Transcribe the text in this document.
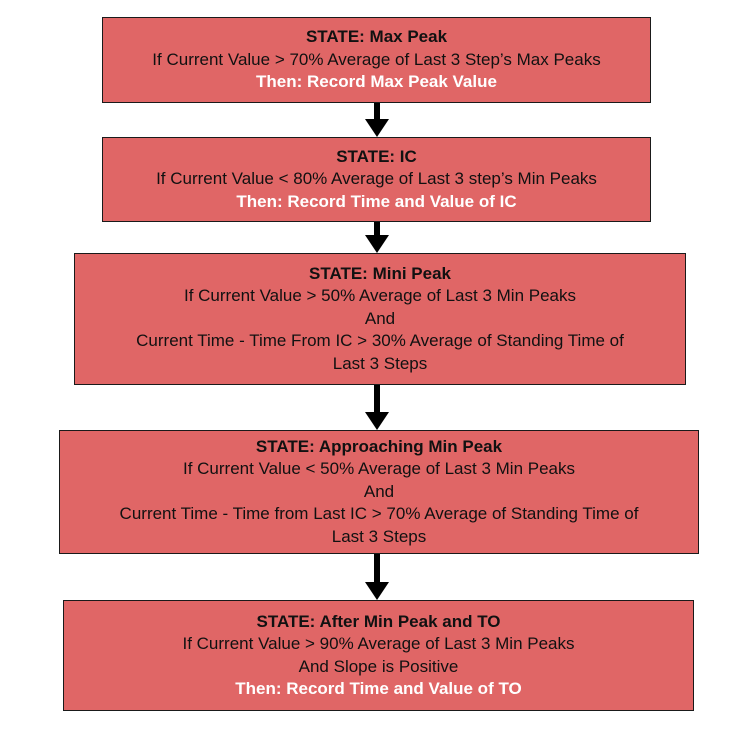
STATE: Max Peak
If Current Value > 70% Average of Last 3 Step’s Max Peaks
Then: Record Max Peak Value
STATE: IC
If Current Value < 80% Average of Last 3 step’s Min Peaks
Then: Record Time and Value of IC
STATE: Mini Peak
If Current Value > 50% Average of Last 3 Min Peaks
And
Current Time - Time From IC > 30% Average of Standing Time of
Last 3 Steps
STATE: Approaching Min Peak
If Current Value < 50% Average of Last 3 Min Peaks
And
Current Time - Time from Last IC > 70% Average of Standing Time of
Last 3 Steps
STATE: After Min Peak and TO
If Current Value > 90% Average of Last 3 Min Peaks
And Slope is Positive
Then: Record Time and Value of TO
